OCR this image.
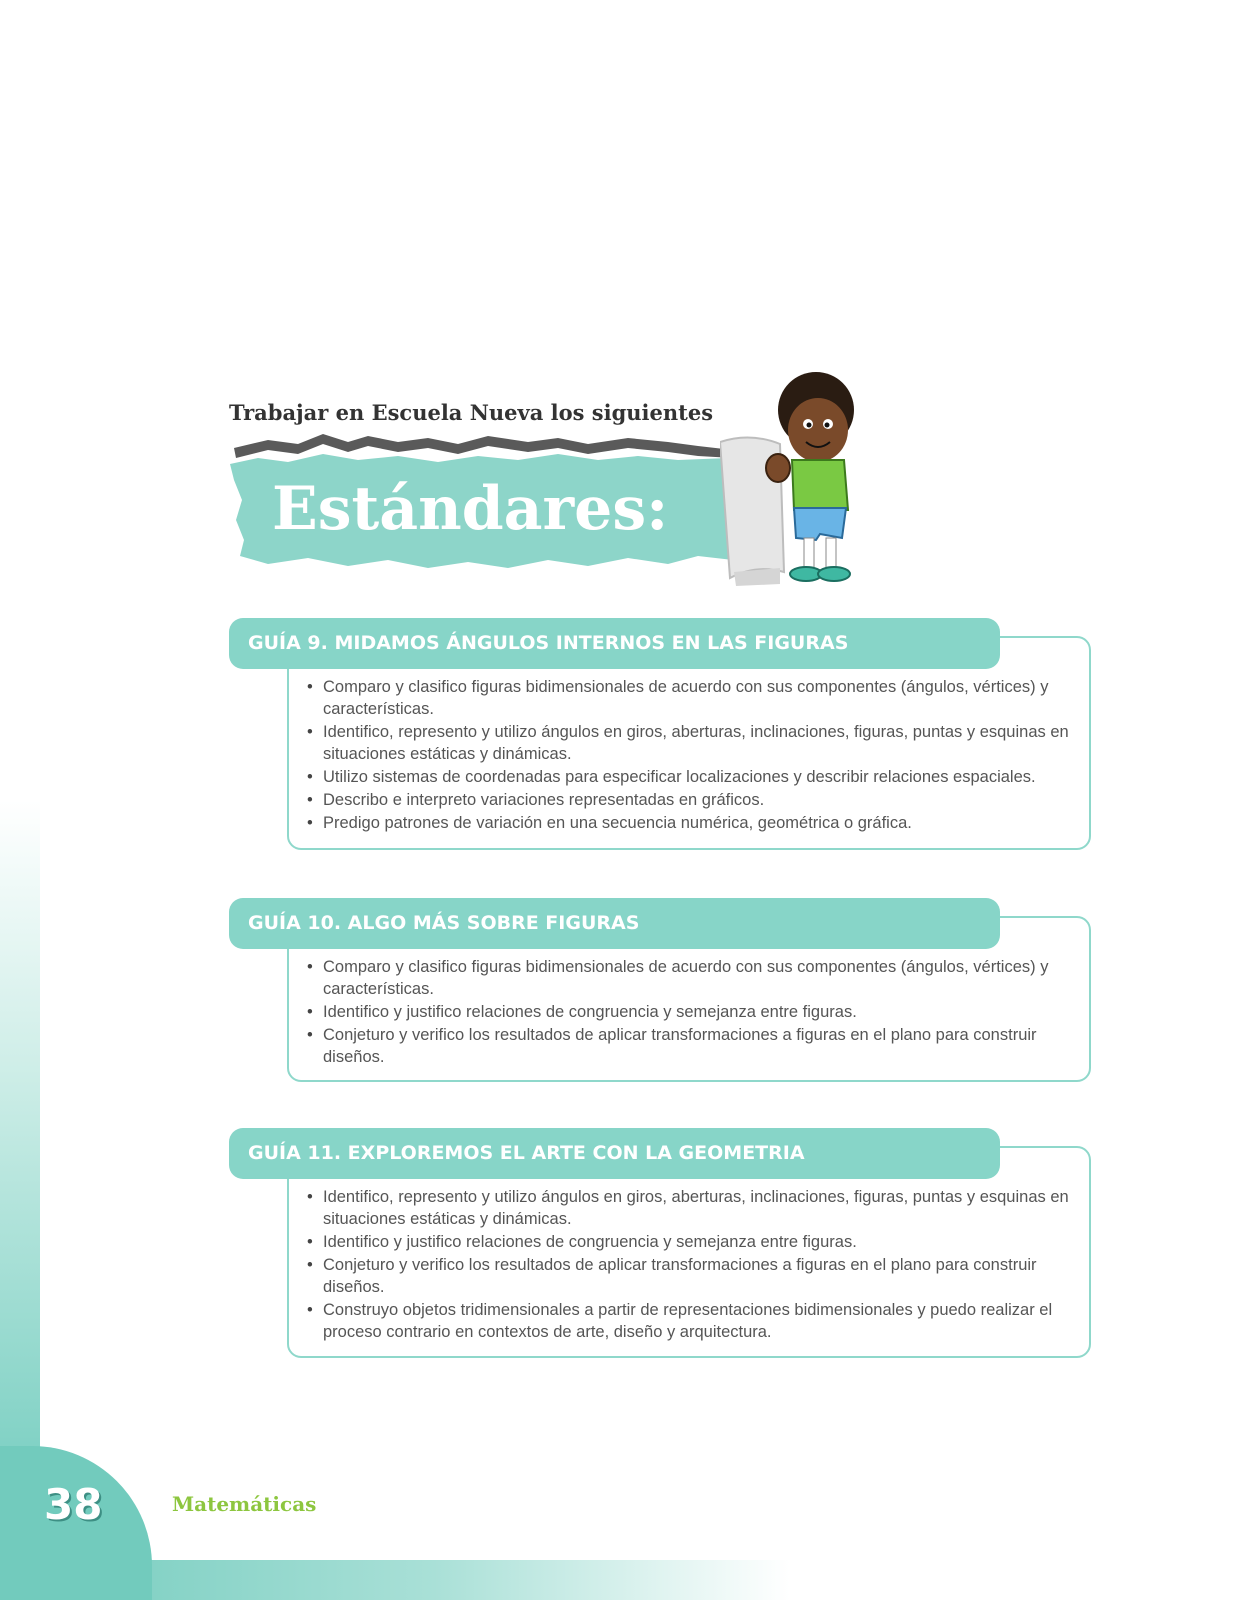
Trabajar en Escuela Nueva los siguientes
Estándares:
GUÍA 9. MIDAMOS ÁNGULOS INTERNOS EN LAS FIGURAS
• Comparo y clasifico figuras bidimensionales de acuerdo con sus componentes (ángulos, vértices) y características.
• Identifico, represento y utilizo ángulos en giros, aberturas, inclinaciones, figuras, puntas y esquinas en situaciones estáticas y dinámicas.
• Utilizo sistemas de coordenadas para especificar localizaciones y describir relaciones espaciales.
• Describo e interpreto variaciones representadas en gráficos.
• Predigo patrones de variación en una secuencia numérica, geométrica o gráfica.
GUÍA 10. ALGO MÁS SOBRE FIGURAS
• Comparo y clasifico figuras bidimensionales de acuerdo con sus componentes (ángulos, vértices) y características.
• Identifico y justifico relaciones de congruencia y semejanza entre figuras.
• Conjeturo y verifico los resultados de aplicar transformaciones a figuras en el plano para construir diseños.
GUÍA 11. EXPLOREMOS EL ARTE CON LA GEOMETRIA
• Identifico, represento y utilizo ángulos en giros, aberturas, inclinaciones, figuras, puntas y esquinas en situaciones estáticas y dinámicas.
• Identifico y justifico relaciones de congruencia y semejanza entre figuras.
• Conjeturo y verifico los resultados de aplicar transformaciones a figuras en el plano para construir diseños.
• Construyo objetos tridimensionales a partir de representaciones bidimensionales y puedo realizar el proceso contrario en contextos de arte, diseño y arquitectura.
Matemáticas
38
